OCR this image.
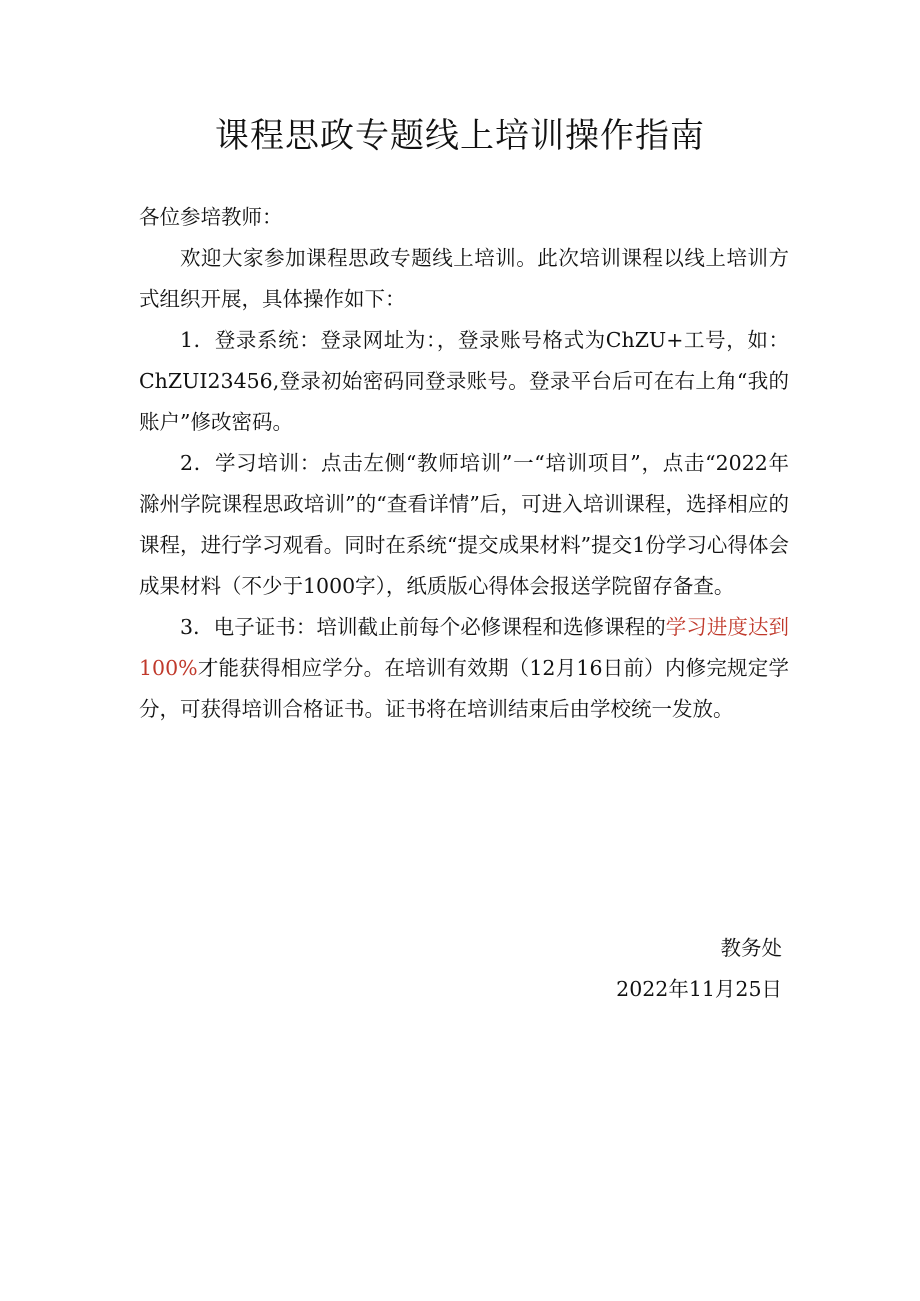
课程思政专题线上培训操作指南

各位参培教师：

欢迎大家参加课程思政专题线上培训。此次培训课程以线上培训方式组织开展，具体操作如下：

1．登录系统：登录网址为：，登录账号格式为ChZU+工号，如：ChZUI23456,登录初始密码同登录账号。登录平台后可在右上角“我的账户”修改密码。

2．学习培训：点击左侧“教师培训”一“培训项目”，点击“2022年滁州学院课程思政培训”的“查看详情”后，可进入培训课程，选择相应的课程，进行学习观看。同时在系统“提交成果材料”提交1份学习心得体会成果材料（不少于1000字），纸质版心得体会报送学院留存备查。

3．电子证书：培训截止前每个必修课程和选修课程的学习进度达到100%才能获得相应学分。在培训有效期（12月16日前）内修完规定学分，可获得培训合格证书。证书将在培训结束后由学校统一发放。

教务处
2022年11月25日
